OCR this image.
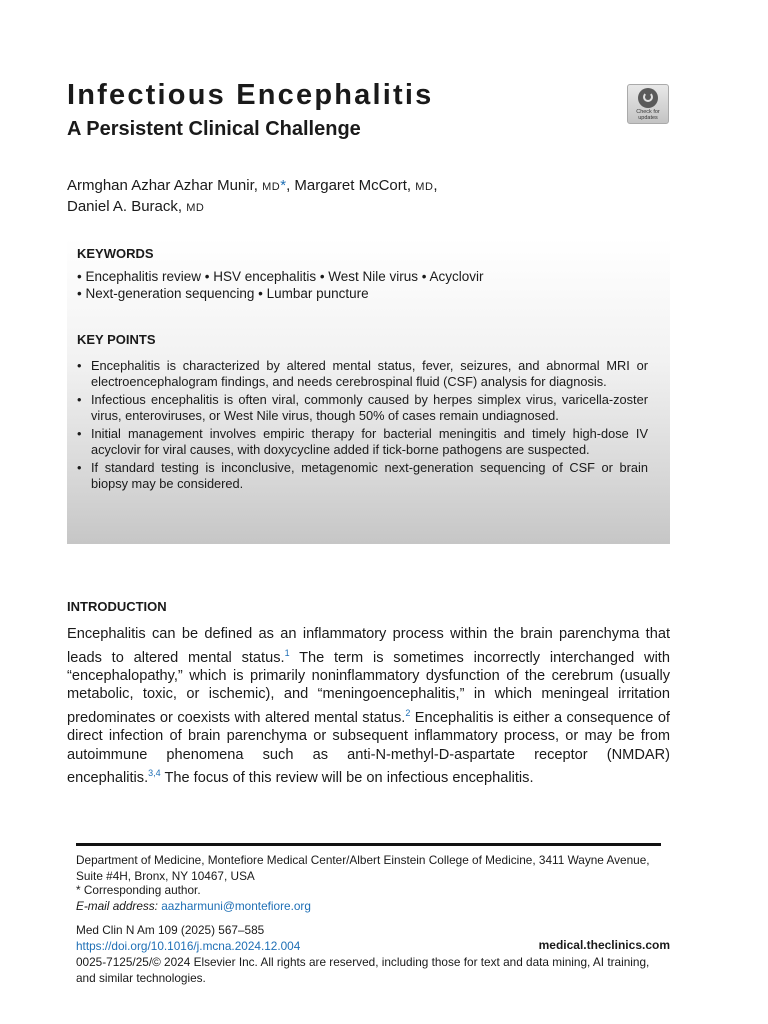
Infectious Encephalitis
A Persistent Clinical Challenge
Check for
updates
Armghan Azhar Azhar Munir, MD*, Margaret McCort, MD,
Daniel A. Burack, MD
KEYWORDS
• Encephalitis review • HSV encephalitis • West Nile virus • Acyclovir
• Next-generation sequencing • Lumbar puncture
KEY POINTS
• Encephalitis is characterized by altered mental status, fever, seizures, and abnormal MRI or electroencephalogram findings, and needs cerebrospinal fluid (CSF) analysis for diagnosis.
• Infectious encephalitis is often viral, commonly caused by herpes simplex virus, varicella-zoster virus, enteroviruses, or West Nile virus, though 50% of cases remain undiagnosed.
• Initial management involves empiric therapy for bacterial meningitis and timely high-dose IV acyclovir for viral causes, with doxycycline added if tick-borne pathogens are suspected.
• If standard testing is inconclusive, metagenomic next-generation sequencing of CSF or brain biopsy may be considered.
INTRODUCTION

Encephalitis can be defined as an inflammatory process within the brain parenchyma that leads to altered mental status.$^1$ The term is sometimes incorrectly interchanged with “encephalopathy,” which is primarily noninflammatory dysfunction of the cerebrum (usually metabolic, toxic, or ischemic), and “meningoencephalitis,” in which meningeal irritation predominates or coexists with altered mental status.$^2$ Encephalitis is either a consequence of direct infection of brain parenchyma or subsequent inflammatory process, or may be from autoimmune phenomena such as anti-N-methyl-D-aspartate receptor (NMDAR) encephalitis.$^{3,4}$ The focus of this review will be on infectious encephalitis.

Department of Medicine, Montefiore Medical Center/Albert Einstein College of Medicine, 3411 Wayne Avenue, Suite #4H, Bronx, NY 10467, USA
* Corresponding author.
E-mail address: aazharmuni@montefiore.org
Med Clin N Am 109 (2025) 567–585
https://doi.org/10.1016/j.mcna.2024.12.004	medical.theclinics.com
0025-7125/25/© 2024 Elsevier Inc. All rights are reserved, including those for text and data mining, AI training, and similar technologies.
